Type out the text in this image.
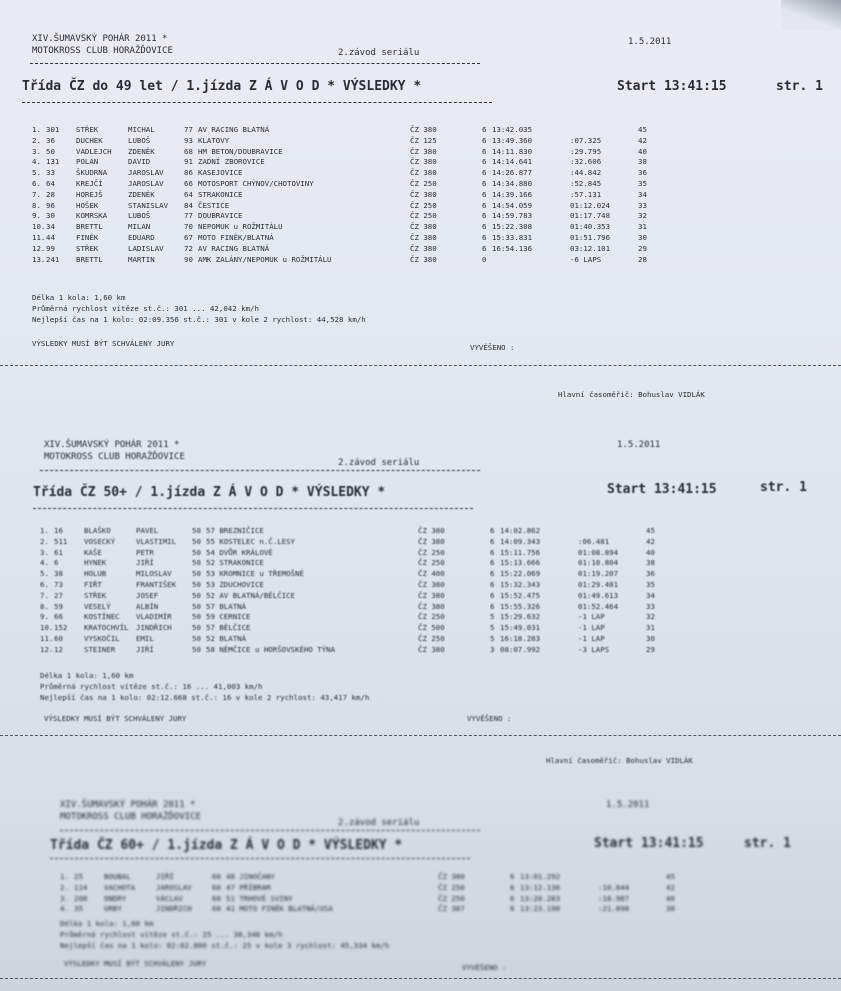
XIV.ŠUMAVSKÝ POHÁR 2011 *
MOTOKROSS CLUB HORAŽĎOVICE	2.závod seriálu
1.5.2011
Třída ČZ do 49 let / 1.jízda Z Á V O D * VÝSLEDKY *	Start 13:41:15	str. 1
1. 301 STŘEK	MICHAL	77 AV RACING BLATNÁ	ČZ 380	6 13:42.035	45
2. 36	DUCHEK	LUBOŠ	93 KLATOVY	ČZ 125	6 13:49.360	:07.325	42
3. 50	VADLEJCH ZDENĚK	68 HM BETON/DOUBRAVICE	ČZ 380	6 14:11.830	:29.795	40
4. 131 POLAN	DAVID	91 ZADNÍ ZBOROVICE	ČZ 380	6 14:14.641	:32.606	38
5. 33	ŠKUDRNA	JAROSLAV	86 KASEJOVICE	ČZ 380	6 14:26.877	:44.842	36
6. 64	KREJČÍ	JAROSLAV	66 MOTOSPORT CHÝNOV/CHOTOVINY	ČZ 250	6 14:34.880	:52.845	35
7. 28	HOREJŠ	ZDENĚK	64 STRAKONICE	ČZ 380	6 14:39.166	:57.131	34
8. 96	HOŠEK	STANISLAV 84 ČESTICE	ČZ 250	6 14:54.059	01:12.024	33
9. 30	KOMRSKA	LUBOŠ	77 DOUBRAVICE	ČZ 250	6 14:59.783	01:17.748	32
10. 34	BRETTL	MILAN	70 NEPOMUK u ROŽMITÁLU	ČZ 380	6 15:22.388	01:40.353	31
11. 44	FINĚK	EDUARD	67 MOTO FINĚK/BLATNÁ	ČZ 380	6 15:33.831	01:51.796	30
12. 99	STŘEK	LADISLAV	72 AV RACING BLATNÁ	ČZ 380	6 16:54.136	03:12.101	29
13. 241 BRETTL	MARTIN	90 AMK ZALÁNY/NEPOMUK u ROŽMITÁLU	ČZ 380	0	-6 LAPS	28
Délka 1 kola: 1,60 km
Průměrná rychlost vítěze st.č.: 301 ... 42,042 km/h
Nejlepší čas na 1 kolo: 02:09.356 st.č.: 301 v kole 2 rychlost: 44,528 km/h
VÝSLEDKY MUSÍ BÝT SCHVÁLENY JURY	VYVĚŠENO :
Hlavní časoměřič: Bohuslav VIDLÁK
XIV.ŠUMAVSKÝ POHÁR 2011 *
MOTOKROSS CLUB HORAŽĎOVICE
2.závod seriálu
1.5.2011
Třída ČZ 50+ / 1.jízda Z Á V O D * VÝSLEDKY *	Start 13:41:15	str. 1
1. 16	BLAŠKO	PAVEL	50 57 BREZNIČICE	ČZ 380	6 14:02.862	45
2. 511 VOSECKÝ	VLASTIMIL 50 55 KOSTELEC n.Č.LESY	ČZ 380	6 14:09.343	:06.481	42
3. 61	KAŠE	PETR	50 54 DVŮR KRÁLOVÉ	ČZ 250	6 15:11.756	01:08.894	40
4. 6	HYNEK	JIŘÍ	50 52 STRAKONICE	ČZ 250	6 15:13.666	01:10.804	38
5. 38	HOLUB	MILOSLAV	50 53 KROMNICE u TŘEMOŠNÉ	ČZ 400	6 15:22.069	01:19.207	36
6. 73	FIŘT	FRANTIŠEK 50 53 ZDUCHOVICE	ČZ 380	6 15:32.343	01:29.481	35
7. 27	STŘEK	JOSEF	50 52 AV BLATNÁ/BĚLČICE	ČZ 380	6 15:52.475	01:49.613	34
8. 59	VESELÝ	ALBÍN	50 57 BLATNÁ	ČZ 380	6 15:55.326	01:52.464	33
9. 66	KOSTÍNEC VLADIMÍR	50 59 CERNICE	ČZ 250	5 15:29.632	-1 LAP	32
10. 152 KRATOCHVÍL JINDŘICH	50 57 BĚLČICE	ČZ 500	5 15:49.031	-1 LAP	31
11. 60	VYSKOČIL EMIL	50 52 BLATNÁ	ČZ 250	5 16:18.283	-1 LAP	30
12. 12	STEINER	JIŘÍ	50 58 NĚMČICE u HORŠOVSKÉHO TÝNA	ČZ 380	3 08:07.992	-3 LAPS	29
Délka 1 kola: 1,60 km
Průměrná rychlost vítěze st.č.: 16 ... 41,003 km/h
Nejlepší čas na 1 kolo: 02:12.668 st.č.: 16 v kole 2 rychlost: 43,417 km/h
VÝSLEDKY MUSÍ BÝT SCHVÁLENY JURY	VYVĚŠENO :
Hlavní časoměřič: Bohuslav VIDLÁK
XIV.ŠUMAVSKÝ POHÁR 2011 *
MOTOKROSS CLUB HORAŽĎOVICE
2.závod seriálu
1.5.2011
Třída ČZ 60+ / 1.jízda Z Á V O D * VÝSLEDKY *	Start 13:41:15	str. 1
1. 25	BOUBAL	JIŘÍ	60 48 JINOČANY	ČZ 380	6 13:01.292	45
2. 114 VACHOTA	JAROSLAV	60 47 PŘÍBRAM	ČZ 250	6 13:12.136	:10.844	42
3. 208 ONDRY	VÁCLAV	60 51 TRHOVÉ SVINY	ČZ 250	6 13:20.283	:18.987	40
4. 35	URBY	JINDŘICH	60 41 MOTO FINĚK BLATNÁ/USA	ČZ 387	6 13:23.190	:21.898	38
Délka 1 kola: 1,60 km
Průměrná rychlost vítěze st.č.: 25 ... 38,346 km/h
Nejlepší čas na 1 kolo: 02:02.800 st.č.: 25 v kole 3 rychlost: 45,334 km/h
VÝSLEDKY MUSÍ BÝT SCHVÁLENY JURY	VYVĚŠENO :
